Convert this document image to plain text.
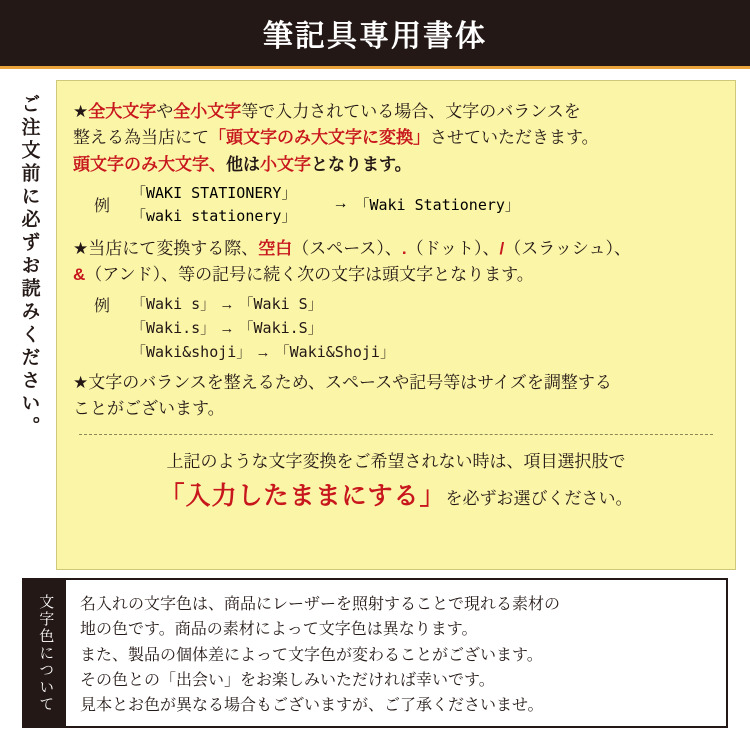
筆記具専用書体
ご注文前に必ずお読みください。 ★全大文字や全小文字等で入力されている場合、文字のバランスを
整える為当店にて「頭文字のみ大文字に変換」させていただきます。
頭文字のみ大文字、他は小文字となります。
例
「WAKI STATIONERY」
「waki stationery」
→ 「Waki Stationery」
★当店にて変換する際、空白（スペース）、.（ドット）、/（スラッシュ）、
&（アンド）、等の記号に続く次の文字は頭文字となります。
例	「Waki s」 → 「Waki S」
「Waki.s」 → 「Waki.S」
「Waki&shoji」 → 「Waki&Shoji」
★文字のバランスを整えるため、スペースや記号等はサイズを調整する
ことがございます。
上記のような文字変換をご希望されない時は、項目選択肢で
「入力したままにする」を必ずお選びください。
文字色について 名入れの文字色は、商品にレーザーを照射することで現れる素材の
地の色です。商品の素材によって文字色は異なります。
また、製品の個体差によって文字色が変わることがございます。
その色との「出会い」をお楽しみいただければ幸いです。
見本とお色が異なる場合もございますが、ご了承くださいませ。
